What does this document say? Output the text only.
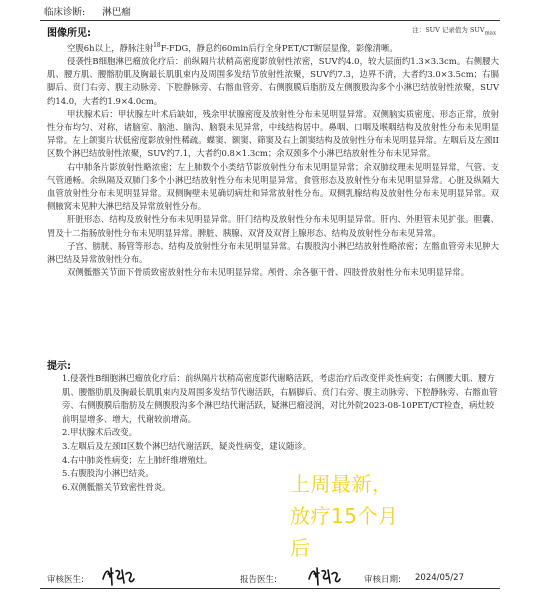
临床诊断: 淋巴瘤
图像所见:	注：SUV 记录值为 $SUV_{max}$

空腹6h以上，静脉注射$^{18}$F-FDG，静息约60min后行全身PET/CT断层显像，影像清晰。

侵袭性B细胞淋巴瘤放化疗后：前纵隔片状稍高密度影放射性浓密，SUV约4.0，较大层面约1.3×3.3cm。右侧腰大肌、腰方肌、腰髂肋肌及胸最长肌肌束内及周围多发结节放射性浓聚，SUV约7.3，边界不清，大者约3.0×3.5cm；右膈脚后、贲门右旁、腹主动脉旁、下腔静脉旁、右髂血管旁、右侧腹膜后脂肪及左侧腹股沟多个小淋巴结放射性浓聚，SUV约14.0，大者约1.9×4.0cm。

甲状腺术后：甲状腺左叶术后缺如，残余甲状腺密度及放射性分布未见明显异常。双侧脑实质密度、形态正常，放射性分布均匀、对称，诸脑室、脑池、脑沟、脑裂未见异常，中线结构居中。鼻咽、口咽及喉咽结构及放射性分布未见明显异常。左上颌窦片状低密度影放射性稀疏。蝶窦、额窦、筛窦及右上颌窦结构及放射性分布未见明显异常。左咽后及左颈II区数个淋巴结放射性浓聚，SUV约7.1，大者约0.8×1.3cm；余双颈多个小淋巴结放射性分布未见异常。

右中肺条片影放射性略浓密；左上肺数个小类结节影放射性分布未见明显异常；余双肺纹理未见明显异常，气管、支气管通畅。余纵隔及双肺门多个小淋巴结放射性分布未见明显异常。食管形态及放射性分布未见明显异常。心脏及纵隔大血管放射性分布未见明显异常。双侧胸壁未见确切病灶和异常放射性分布。双侧乳腺结构及放射性分布未见明显异常。双侧腋窝未见肿大淋巴结及异常放射性分布。

肝脏形态、结构及放射性分布未见明显异常。肝门结构及放射性分布未见明显异常。肝内、外胆管未见扩张。胆囊、胃及十二指肠放射性分布未见明显异常。脾脏、胰腺、双肾及双肾上腺形态、结构及放射性分布未见异常。

子宫、膀胱、肠管等形态、结构及放射性分布未见明显异常。右腹股沟小淋巴结放射性略浓密；左髂血管旁未见肿大淋巴结及异常放射性分布。

双侧骶髂关节面下骨质致密放射性分布未见明显异常。颅骨、余各躯干骨、四肢骨放射性分布未见明显异常。

提示:
1.侵袭性B细胞淋巴瘤放化疗后：前纵隔片状稍高密度影代谢略活跃，考虑治疗后改变伴炎性病变；右侧腰大肌、腰方肌、腰髂肋肌及胸最长肌肌束内及周围多发结节代谢活跃，右膈脚后、贲门右旁、腹主动脉旁、下腔静脉旁、右髂血管旁、右侧腹膜后脂肪及左侧腹股沟多个淋巴结代谢活跃，疑淋巴瘤浸润，对比外院2023-08-10PET/CT检查，病灶较前明显增多、增大，代谢较前增高。
2.甲状腺术后改变。
3.左咽后及左颈II区数个淋巴结代谢活跃，疑炎性病变，建议随诊。
4.右中肺炎性病变；左上肺纤维增殖灶。
5.右腹股沟小淋巴结炎。
6.双侧骶髂关节致密性骨炎。	上周最新，
放疗15个月
后
审核医生:	报告医生:	审核日期: 2024/05/27
